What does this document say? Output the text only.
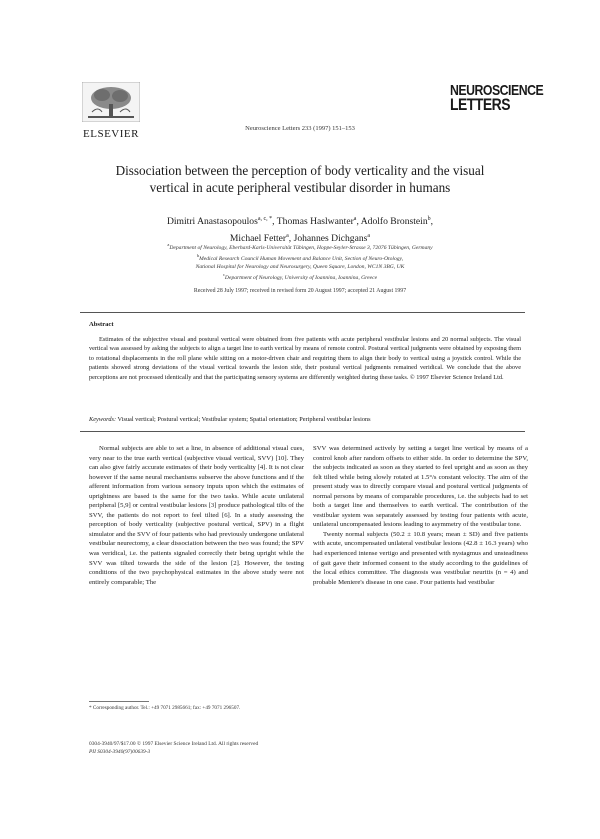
ELSEVIER	Neuroscience Letters 233 (1997) 151–153
NEUROSCIENCE
LETTERS
Dissociation between the perception of body verticality and the visual
vertical in acute peripheral vestibular disorder in humans
Dimitri Anastasopoulos$^{a, c, *}$, Thomas Haslwanter$^a$, Adolfo Bronstein$^b$,
Michael Fetter$^a$, Johannes Dichgans$^a$
$^a$Department of Neurology, Eberhard-Karls-Universität Tübingen, Hoppe-Seyler-Strasse 3, 72076 Tübingen, Germany
$^b$Medical Research Council Human Movement and Balance Unit, Section of Neuro-Otology,
National Hospital for Neurology and Neurosurgery, Queen Square, London, WC1N 3BG, UK
$^c$Department of Neurology, University of Ioannina, Ioannina, Greece
Received 28 July 1997; received in revised form 20 August 1997; accepted 21 August 1997
Abstract
Estimates of the subjective visual and postural vertical were obtained from five patients with acute peripheral vestibular lesions and 20 normal subjects. The visual vertical was assessed by asking the subjects to align a target line to earth vertical by means of remote control. Postural vertical judgments were obtained by exposing them to rotational displacements in the roll plane while sitting on a motor-driven chair and requiring them to align their body to vertical using a joystick control. While the patients showed strong deviations of the visual vertical towards the lesion side, their postural vertical judgments remained veridical. We conclude that the above perceptions are not processed identically and that the participating sensory systems are differently weighted during these tasks. © 1997 Elsevier Science Ireland Ltd.
Keywords: Visual vertical; Postural vertical; Vestibular system; Spatial orientation; Peripheral vestibular lesions

Normal subjects are able to set a line, in absence of additional visual cues, very near to the true earth vertical (subjective visual vertical, SVV) [10]. They can also give fairly accurate estimates of their body verticality [4]. It is not clear however if the same neural mechanisms subserve the above functions and if the afferent information from various sensory inputs upon which the estimates of uprightness are based is the same for the two tasks. While acute unilateral peripheral [5,9] or central vestibular lesions [3] produce pathological tilts of the SVV, the patients do not report to feel tilted [6]. In a study assessing the perception of body verticality (subjective postural vertical, SPV) in a flight simulator and the SVV of four patients who had previously undergone unilateral vestibular neurectomy, a clear dissociation between the two was found; the SPV was veridical, i.e. the patients signaled correctly their being upright while the SVV was tilted towards the side of the lesion [2]. However, the testing conditions of the two psychophysical estimates in the above study were not entirely comparable; The

SVV was determined actively by setting a target line vertical by means of a control knob after random offsets to either side. In order to determine the SPV, the subjects indicated as soon as they started to feel upright and as soon as they felt tilted while being slowly rotated at 1.5°/s constant velocity. The aim of the present study was to directly compare visual and postural vertical judgments of normal persons by means of comparable procedures, i.e. the subjects had to set both a target line and themselves to earth vertical. The contribution of the vestibular system was separately assessed by testing four patients with acute, unilateral uncompensated lesions leading to asymmetry of the vestibular tone.

Twenty normal subjects (50.2 ± 10.8 years; mean ± SD) and five patients with acute, uncompensated unilateral vestibular lesions (42.8 ± 16.3 years) who had experienced intense vertigo and presented with nystagmus and unsteadiness of gait gave their informed consent to the study according to the guidelines of the local ethics committee. The diagnosis was vestibular neuritis (n = 4) and probable Meniere's disease in one case. Four patients had vestibular

* Corresponding author. Tel.: +49 7071 2985661; fax: +49 7071 296507.
0304-3940/97/$17.00 © 1997 Elsevier Science Ireland Ltd. All rights reserved
PII S0304-3940(97)00639-3
